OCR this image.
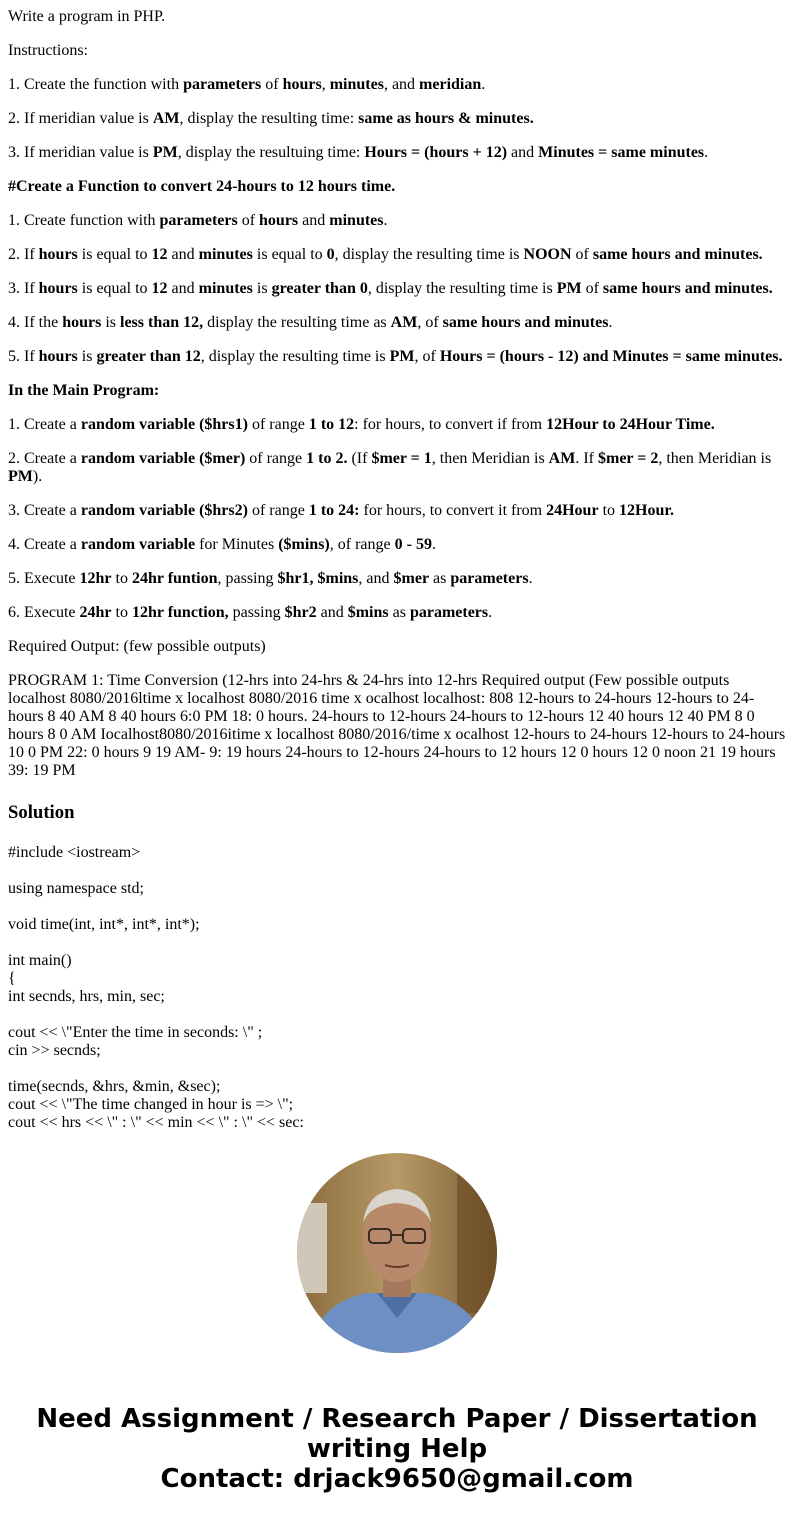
Write a program in PHP.

Instructions:

1. Create the function with parameters of hours, minutes, and meridian.

2. If meridian value is AM, display the resulting time: same as hours & minutes.

3. If meridian value is PM, display the resultuing time: Hours = (hours + 12) and Minutes = same minutes.

#Create a Function to convert 24-hours to 12 hours time.

1. Create function with parameters of hours and minutes.

2. If hours is equal to 12 and minutes is equal to 0, display the resulting time is NOON of same hours and minutes.

3. If hours is equal to 12 and minutes is greater than 0, display the resulting time is PM of same hours and minutes.

4. If the hours is less than 12, display the resulting time as AM, of same hours and minutes.

5. If hours is greater than 12, display the resulting time is PM, of Hours = (hours - 12) and Minutes = same minutes.

In the Main Program:

1. Create a random variable ($hrs1) of range 1 to 12: for hours, to convert if from 12Hour to 24Hour Time.

2. Create a random variable ($mer) of range 1 to 2. (If $mer = 1, then Meridian is AM. If $mer = 2, then Meridian is PM).

3. Create a random variable ($hrs2) of range 1 to 24: for hours, to convert it from 24Hour to 12Hour.

4. Create a random variable for Minutes ($mins), of range 0 - 59.

5. Execute 12hr to 24hr funtion, passing $hr1, $mins, and $mer as parameters.

6. Execute 24hr to 12hr function, passing $hr2 and $mins as parameters.

Required Output: (few possible outputs)

PROGRAM 1: Time Conversion (12-hrs into 24-hrs & 24-hrs into 12-hrs Required output (Few possible outputs localhost 8080/2016ltime x localhost 8080/2016 time x ocalhost localhost: 808 12-hours to 24-hours 12-hours to 24-hours 8 40 AM 8 40 hours 6:0 PM 18: 0 hours. 24-hours to 12-hours 24-hours to 12-hours 12 40 hours 12 40 PM 8 0 hours 8 0 AM Iocalhost8080/2016itime x localhost 8080/2016/time x ocalhost 12-hours to 24-hours 12-hours to 24-hours 10 0 PM 22: 0 hours 9 19 AM- 9: 19 hours 24-hours to 12-hours 24-hours to 12 hours 12 0 hours 12 0 noon 21 19 hours 39: 19 PM

Solution

#include <iostream>

using namespace std;

void time(int, int*, int*, int*);

int main()
{
int secnds, hrs, min, sec;

cout << \"Enter the time in seconds: \" ;
cin >> secnds;

time(secnds, &hrs, &min, &sec);
cout << \"The time changed in hour is => \";
cout << hrs << \" : \" << min << \" : \" << sec:

Need Assignment / Research Paper / Dissertation
writing Help
Contact: drjack9650@gmail.com
